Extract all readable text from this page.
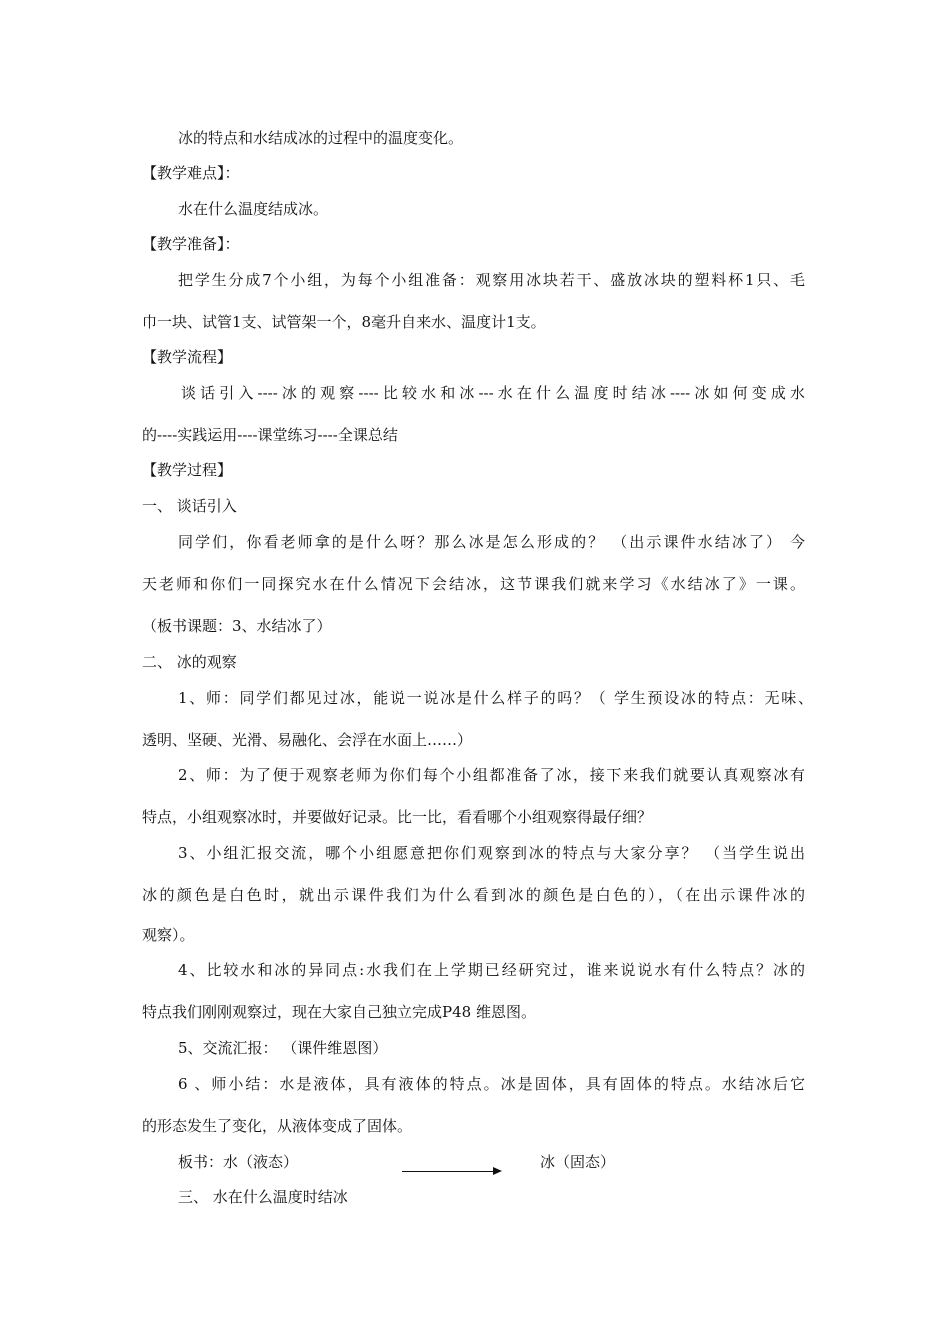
冰的特点和水结成冰的过程中的温度变化。
【教学难点】：
水在什么温度结成冰。
【教学准备】：
把学生分成7个小组，为每个小组准备：观察用冰块若干、盛放冰块的塑料杯1只、毛
巾一块、试管1支、试管架一个，8毫升自来水、温度计1支。
【教学流程】
谈话引入----冰的观察----比较水和冰---水在什么温度时结冰----冰如何变成水
的----实践运用----课堂练习----全课总结
【教学过程】
一、 谈话引入
同学们，你看老师拿的是什么呀？那么冰是怎么形成的？ （出示课件水结冰了） 今
天老师和你们一同探究水在什么情况下会结冰，这节课我们就来学习《水结冰了》一课。
（板书课题：3、水结冰了）
二、 冰的观察
1、师：同学们都见过冰，能说一说冰是什么样子的吗？（ 学生预设冰的特点：无味、
透明、坚硬、光滑、易融化、会浮在水面上……）
2、师：为了便于观察老师为你们每个小组都准备了冰，接下来我们就要认真观察冰有
特点，小组观察冰时，并要做好记录。比一比，看看哪个小组观察得最仔细？
3、小组汇报交流，哪个小组愿意把你们观察到冰的特点与大家分享？ （当学生说出
冰的颜色是白色时，就出示课件我们为什么看到冰的颜色是白色的），（在出示课件冰的
观察）。
4、比较水和冰的异同点:水我们在上学期已经研究过，谁来说说水有什么特点？冰的
特点我们刚刚观察过，现在大家自己独立完成P48 维恩图。
5、交流汇报： （课件维恩图）
6 、师小结：水是液体，具有液体的特点。冰是固体，具有固体的特点。水结冰后它
的形态发生了变化，从液体变成了固体。
板书：水（液态）	冰（固态）
三、 水在什么温度时结冰
